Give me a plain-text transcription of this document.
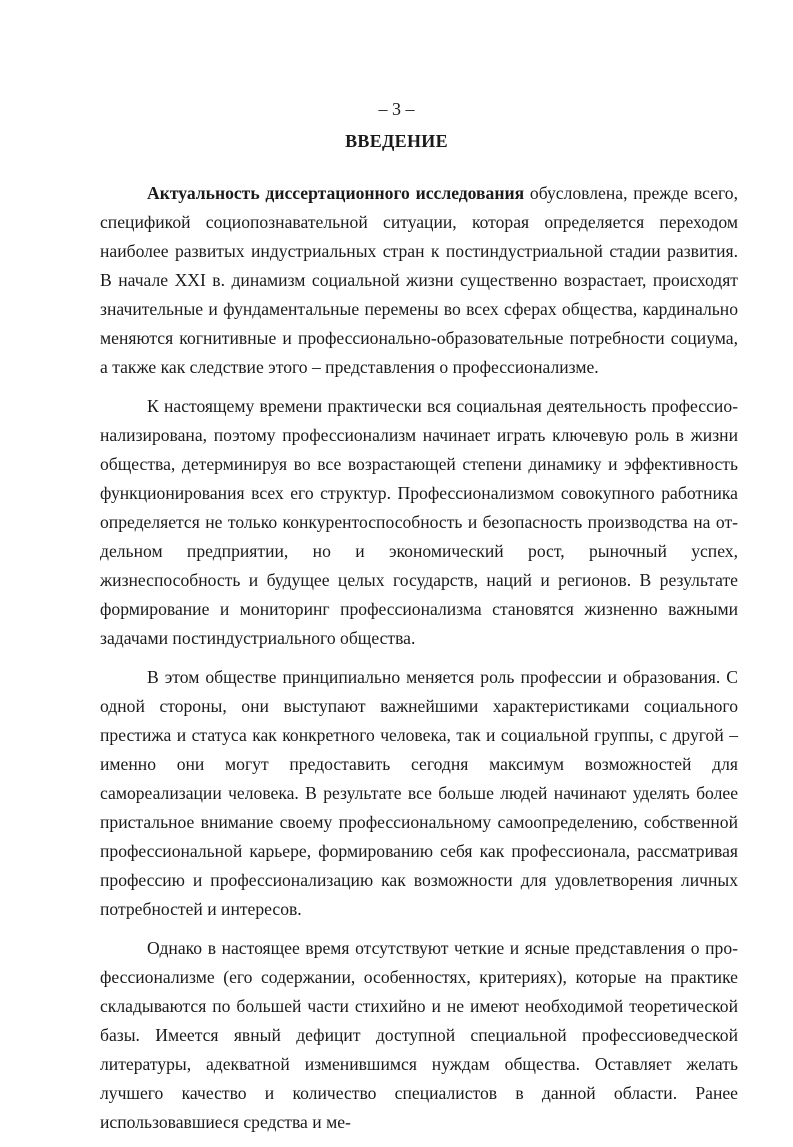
– 3 –
ВВЕДЕНИЕ

Актуальность диссертационного исследования обусловлена, прежде всего, спецификой социопознавательной ситуации, которая определяется переходом наиболее развитых индустриальных стран к постиндустриальной стадии развития. В начале XXI в. динамизм социальной жизни существенно возрастает, происходят значительные и фундаментальные перемены во всех сферах общества, кардинально меняются когнитивные и профессионально-образовательные потребности социума, а также как следствие этого – представления о профессионализме.

К настоящему времени практически вся социальная деятельность профессионализирована, поэтому профессионализм начинает играть ключевую роль в жизни общества, детерминируя во все возрастающей степени динамику и эффективность функционирования всех его структур. Профессионализмом совокупного работника определяется не только конкурентоспособность и безопасность производства на отдельном предприятии, но и экономический рост, рыночный успех, жизнеспособность и будущее целых государств, наций и регионов. В результате формирование и мониторинг профессионализма становятся жизненно важными задачами постиндустриального общества.

В этом обществе принципиально меняется роль профессии и образования. С одной стороны, они выступают важнейшими характеристиками социального престижа и статуса как конкретного человека, так и социальной группы, с другой – именно они могут предоставить сегодня максимум возможностей для самореализации человека. В результате все больше людей начинают уделять более пристальное внимание своему профессиональному самоопределению, собственной профессиональной карьере, формированию себя как профессионала, рассматривая профессию и профессионализацию как возможности для удовлетворения личных потребностей и интересов.

Однако в настоящее время отсутствуют четкие и ясные представления о профессионализме (его содержании, особенностях, критериях), которые на практике складываются по большей части стихийно и не имеют необходимой теоретической базы. Имеется явный дефицит доступной специальной профессиоведческой литературы, адекватной изменившимся нуждам общества. Оставляет желать лучшего качество и количество специалистов в данной области. Ранее использовавшиеся средства и ме-
